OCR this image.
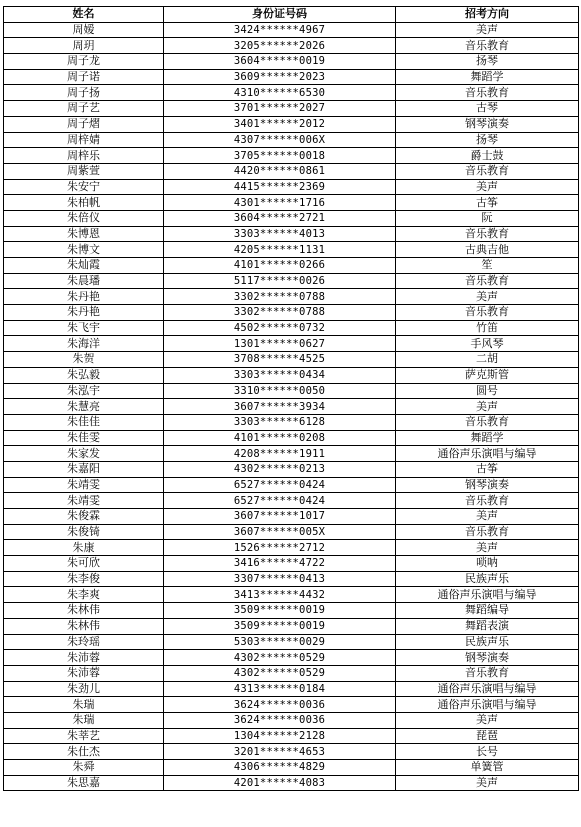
姓名	身份证号码	招考方向
周嫒	3424******4967	美声
周玥	3205******2026	音乐教育
周子龙	3604******0019	扬琴
周子诺	3609******2023	舞蹈学
周子扬	4310******6530	音乐教育
周子艺	3701******2027	古琴
周子熠	3401******2012	钢琴演奏
周梓婧	4307******006X	扬琴
周梓乐	3705******0018	爵士鼓
周紫萱	4420******0861	音乐教育
朱安宁	4415******2369	美声
朱柏帆	4301******1716	古筝
朱倍仪	3604******2721	阮
朱博恩	3303******4013	音乐教育
朱博文	4205******1131	古典吉他
朱灿霞	4101******0266	笙
朱晨璠	5117******0026	音乐教育
朱丹艳	3302******0788	美声
朱丹艳	3302******0788	音乐教育
朱飞宇	4502******0732	竹笛
朱海洋	1301******0627	手风琴
朱贺	3708******4525	二胡
朱弘毅	3303******0434	萨克斯管
朱泓宇	3310******0050	圆号
朱慧亮	3607******3934	美声
朱佳佳	3303******6128	音乐教育
朱佳雯	4101******0208	舞蹈学
朱家发	4208******1911	通俗声乐演唱与编导
朱嘉阳	4302******0213	古筝
朱靖雯	6527******0424	钢琴演奏
朱靖雯	6527******0424	音乐教育
朱俊霖	3607******1017	美声
朱俊锜	3607******005X	音乐教育
朱康	1526******2712	美声
朱可欣	3416******4722	唢呐
朱李俊	3307******0413	民族声乐
朱李爽	3413******4432	通俗声乐演唱与编导
朱林伟	3509******0019	舞蹈编导
朱林伟	3509******0019	舞蹈表演
朱玲瑶	5303******0029	民族声乐
朱沛蓉	4302******0529	钢琴演奏
朱沛蓉	4302******0529	音乐教育
朱劲儿	4313******0184	通俗声乐演唱与编导
朱瑞	3624******0036	通俗声乐演唱与编导
朱瑞	3624******0036	美声
朱莘艺	1304******2128	琵琶
朱仕杰	3201******4653	长号
朱舜	4306******4829	单簧管
朱思嘉	4201******4083	美声
